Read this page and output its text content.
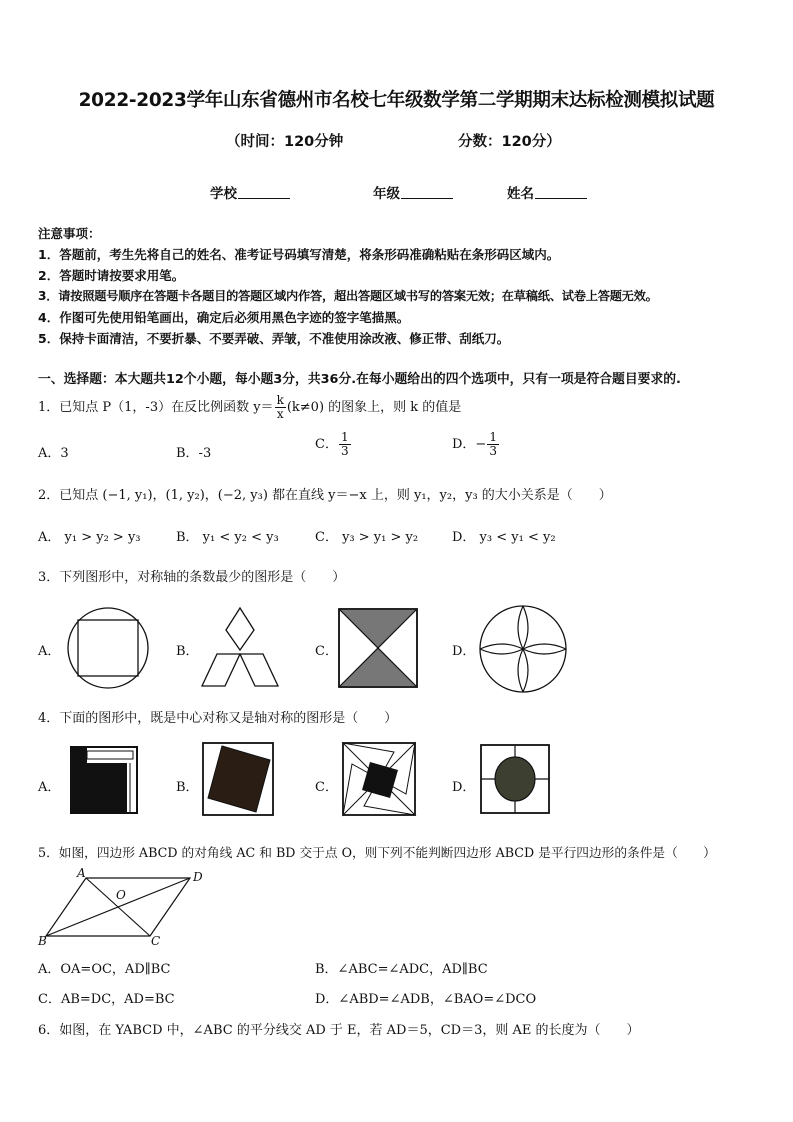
2022-2023学年山东省德州市名校七年级数学第二学期期末达标检测模拟试题
（时间：120分钟	分数：120分）
学校	年级	姓名
注意事项：
1．答题前，考生先将自己的姓名、准考证号码填写清楚，将条形码准确粘贴在条形码区域内。
2．答题时请按要求用笔。
3．请按照题号顺序在答题卡各题目的答题区域内作答，超出答题区域书写的答案无效；在草稿纸、试卷上答题无效。
4．作图可先使用铅笔画出，确定后必须用黑色字迹的签字笔描黑。
5．保持卡面清洁，不要折暴、不要弄破、弄皱，不准使用涂改液、修正带、刮纸刀。
一、选择题：本大题共12个小题，每小题3分，共36分.在每小题给出的四个选项中，只有一项是符合题目要求的.
1．已知点 P（1，-3）在反比例函数 $y= \frac{k}{x} (k\ne 0)$ 的图象上，则 k 的值是
A．3	B．-3
C． $\frac{1}{3}$	D．− $\frac{1}{3}$
2．已知点 (−1, y₁)，(1, y₂)，(−2, y₃) 都在直线 y＝−x 上，则 y₁，y₂，y₃ 的大小关系是（　　）
A． y₁ > y₂ > y₃	B． y₁ < y₂ < y₃	C． y₃ > y₁ > y₂	D． y₃ < y₁ < y₂
3．下列图形中，对称轴的条数最少的图形是（　　）
A．	B．	C．	D．
4．下面的图形中，既是中心对称又是轴对称的图形是（　　）
A．	B．	C．	D．
5．如图，四边形 ABCD 的对角线 AC 和 BD 交于点 O，则下列不能判断四边形 ABCD 是平行四边形的条件是（　　）
A	D
O
B	C
A．OA=OC，AD∥BC	B．∠ABC=∠ADC，AD∥BC
C．AB=DC，AD=BC	D．∠ABD=∠ADB，∠BAO=∠DCO
6．如图，在 YABCD 中，∠ABC 的平分线交 AD 于 E，若 AD＝5，CD＝3，则 AE 的长度为（　　）
